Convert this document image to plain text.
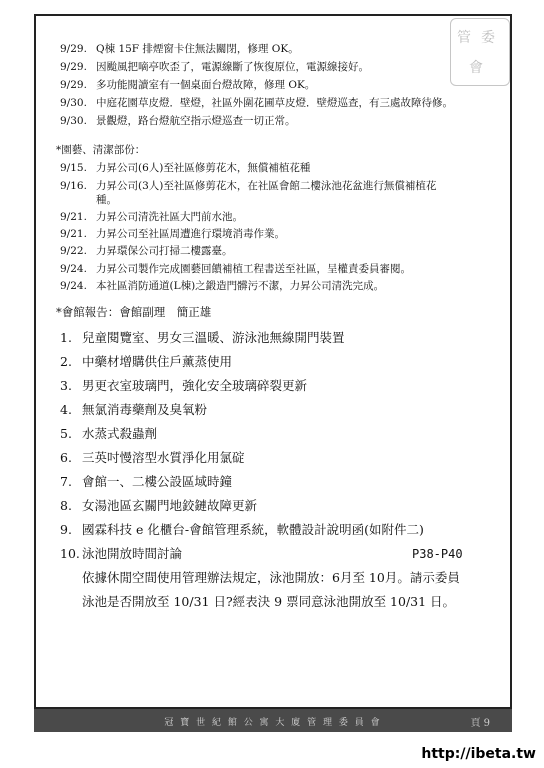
管 委
會
9/29. Q棟 15F 排煙窗卡住無法關閉，修理 OK。
9/29. 因颱風把嘀亭吹歪了，電源線斷了恢復原位，電源線接好。
9/29. 多功能閱讀室有一個桌面台燈故障，修理 OK。
9/30. 中庭花園草皮燈．壁燈，社區外圍花圃草皮燈．壁燈巡查，有三處故障待修。
9/30. 景觀燈，路台燈航空指示燈巡查一切正常。
*園藝、清潔部份：
9/15. 力昇公司(6人)至社區修剪花木，無償補植花種
9/16. 力昇公司(3人)至社區修剪花木，在社區會館二樓泳池花盆進行無償補植花
種。
9/21. 力昇公司清洗社區大門前水池。
9/21. 力昇公司至社區周遭進行環境消毒作業。
9/22. 力昇環保公司打掃二樓露臺。
9/24. 力昇公司製作完成園藝回饋補植工程書送至社區，呈權責委員審閱。
9/24. 本社區消防通道(L棟)之鍛造門髒污不潔，力昇公司清洗完成。
*會館報告：會館副理　簡正雄
1. 兒童閱覽室、男女三溫暖、游泳池無線開門裝置
2. 中藥材增購供住戶薰蒸使用
3. 男更衣室玻璃門，強化安全玻璃碎裂更新
4. 無氯消毒藥劑及臭氧粉
5. 水蒸式殺蟲劑
6. 三英吋慢溶型水質淨化用氯碇
7. 會館一、二樓公設區域時鐘
8. 女湯池區玄關門地鉸鏈故障更新
9. 國霖科技 e 化櫃台-會館管理系統，軟體設計說明函(如附件二)
10. 泳池開放時間討論	P38-P40
依據休閒空間使用管理辦法規定，泳池開放：6月至 10月。請示委員
泳池是否開放至 10/31 日?經表決 9 票同意泳池開放至 10/31 日。
冠 寶 世 紀 館 公 寓 大 廈 管 理 委 員 會	頁 9
http://ibeta.tw
